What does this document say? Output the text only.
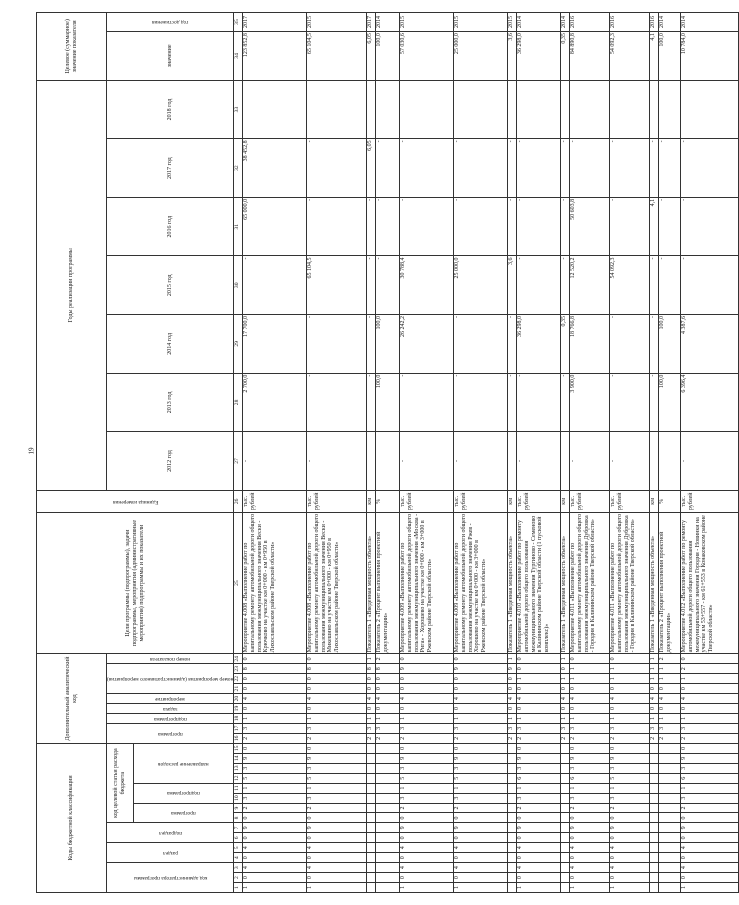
19
Коды бюджетной классификации															Дополнительный аналитический код									Цели программы (подпрограммы), задачи подпрограммы, мероприятия (административные мероприятия) подпрограммы и их показатели	Единица измерения	Годы реализации программы							Целевое (суммарное) значение показателя	

код администратора программы			раздел		подраздел		код целевой статьи расхода бюджета								программа		подпрограмма	задача	мероприятие	номер мероприятия (административного мероприятия)			номер показателя			2012 год	2013 год	2014 год	2015 год	2016 год	2017 год	2018 год	значение	год достижения

							программа		подпрограмма		направление расходов																							

1	2	3	4	5	6	7	8	9	10	11	12	13	14	15	16	17	18	19	20	21	22	23	24	25	26	27	28	29	30	31	32	33	34	35
1	0	4	0	4	0	9	0	2	3	1	5	3	9	0	2	3	1	0	4	0	0	8	0	Мероприятие 4.008 «Выполнение работ по капитальному ремонту автомобильной дороги общего пользования межмуниципального значения Вески - Крючково на участке км 0+000 - км 0+950 в Лихославльском районе Тверской области»	тыс. рублей	-	2 700,0	17 700,0	-	65 000,0	38 452,8		123 852,8	2017
1	0	4	0	4	0	9	0	2	3	1	5	3	9	0	2	3	1	0	4	0	0	8	0	Мероприятие 4.008 «Выполнение работ по капитальному ремонту автомобильной дороги общего пользования межмуниципального значения Вески - Микешино на участке км 0+000 - км 0+950 в Лихославльском районе Тверской области»	тыс. рублей	-	-	-	65 104,5	-	-		65 104,5	2015
															2	3	1	0	4	0	0	8	1	Показатель 1 «Введенная мощность объекта»	км		-	-	-	-	6,05		6,05	2017
															2	3	1	0	4	0	0	8	2	Показатель 2 «Процент выполнения проектной документации»	%		100,0	100,0	-	-	-		100,0	2014
1	0	4	0	4	0	9	0	2	3	1	5	3	9	0	2	3	1	0	4	0	0	9	0	Мероприятие 4.009 «Выполнение работ по капитальному ремонту автомобильной дороги общего пользования межмуниципального значения «Москва - Рига» - Хорошево на участке км 0+000 - км 3+000 в Ржевском районе Тверской области»	тыс. рублей	-	-	26 242,2	30 788,4	-	-		57 030,6	2015
1	0	4	0	4	0	9	0	2	3	1	5	3	9	0	2	3	1	0	4	0	0	9	0	Мероприятие 4.009 «Выполнение работ по капитальному ремонту автомобильной дороги общего пользования межмуниципального значения Ржев - Хорошево на участке км 0+000 - км 3+000 в Ржевском районе Тверской области»	тыс. рублей	-	-	-	25 000,0	-	-		25 000,0	2015
															2	3	1	0	4	0	0	9	1	Показатель 1 «Введенная мощность объекта»	км		-	-	3,6	-	-		3,6	2015
1	0	4	0	4	0	9	0	2	3	1	6	3	9	0	2	3	1	0	4	0	1	0	0	Мероприятие 4.010 «Выполнение работ по ремонту автомобильной дороги общего пользования межмуниципального значения Тургиново - Семеново в Калининском районе Тверской области (1 пусковой комплекс)»	тыс. рублей	-	-	36 298,0	-	-	-		36 298,0	2014
															2	3	1	0	4	0	1	0	1	Показатель 1 «Введенная мощность объекта»	км		-	0,35	-	-	-		0,35	2014
1	0	4	0	4	0	9	0	2	3	1	6	3	9	0	2	3	1	0	4	0	1	1	0	Мероприятие 4.011 «Выполнение работ по капитальному ремонту автомобильной дороги общего пользования межмуниципального значения Дубровка - Городня в Калининском районе Тверской области»	тыс. рублей	-	3 900,0	18 766,8	12 520,2	50 603,8	-		84 890,8	2016
1	0	4	0	4	0	9	0	2	3	1	5	3	9	0	2	3	1	0	4	0	1	1	0	Мероприятие 4.011 «Выполнение работ по капитальному ремонту автомобильной дороги общего пользования межмуниципального значения Дубровка - Городня в Калининском районе Тверской области»	тыс. рублей	-	-	-	54 092,3	-	-		54 092,3	2016
															2	3	1	0	4	0	1	1	1	Показатель 1 «Введенная мощность объекта»	км		-	-	-	4,1	-		4,1	2016
															2	3	1	0	4	0	1	1	2	Показатель 2 «Процент выполнения проектной документации»	%		100,0	100,0	-	-	-		100,0	2014
1	0	4	0	4	0	9	0	2	3	1	6	3	9	0	2	3	1	0	4	0	1	2	0	Мероприятие 4.012 «Выполнение работ по ремонту автомобильной дороги общего пользования межмуниципального значения Городня - Новинки на участке км 53+557 - км 61+553 в Конаковском районе Тверской области»	тыс. рублей	-	6 396,4	4 387,6	-	-	-		10 784,0	2014
